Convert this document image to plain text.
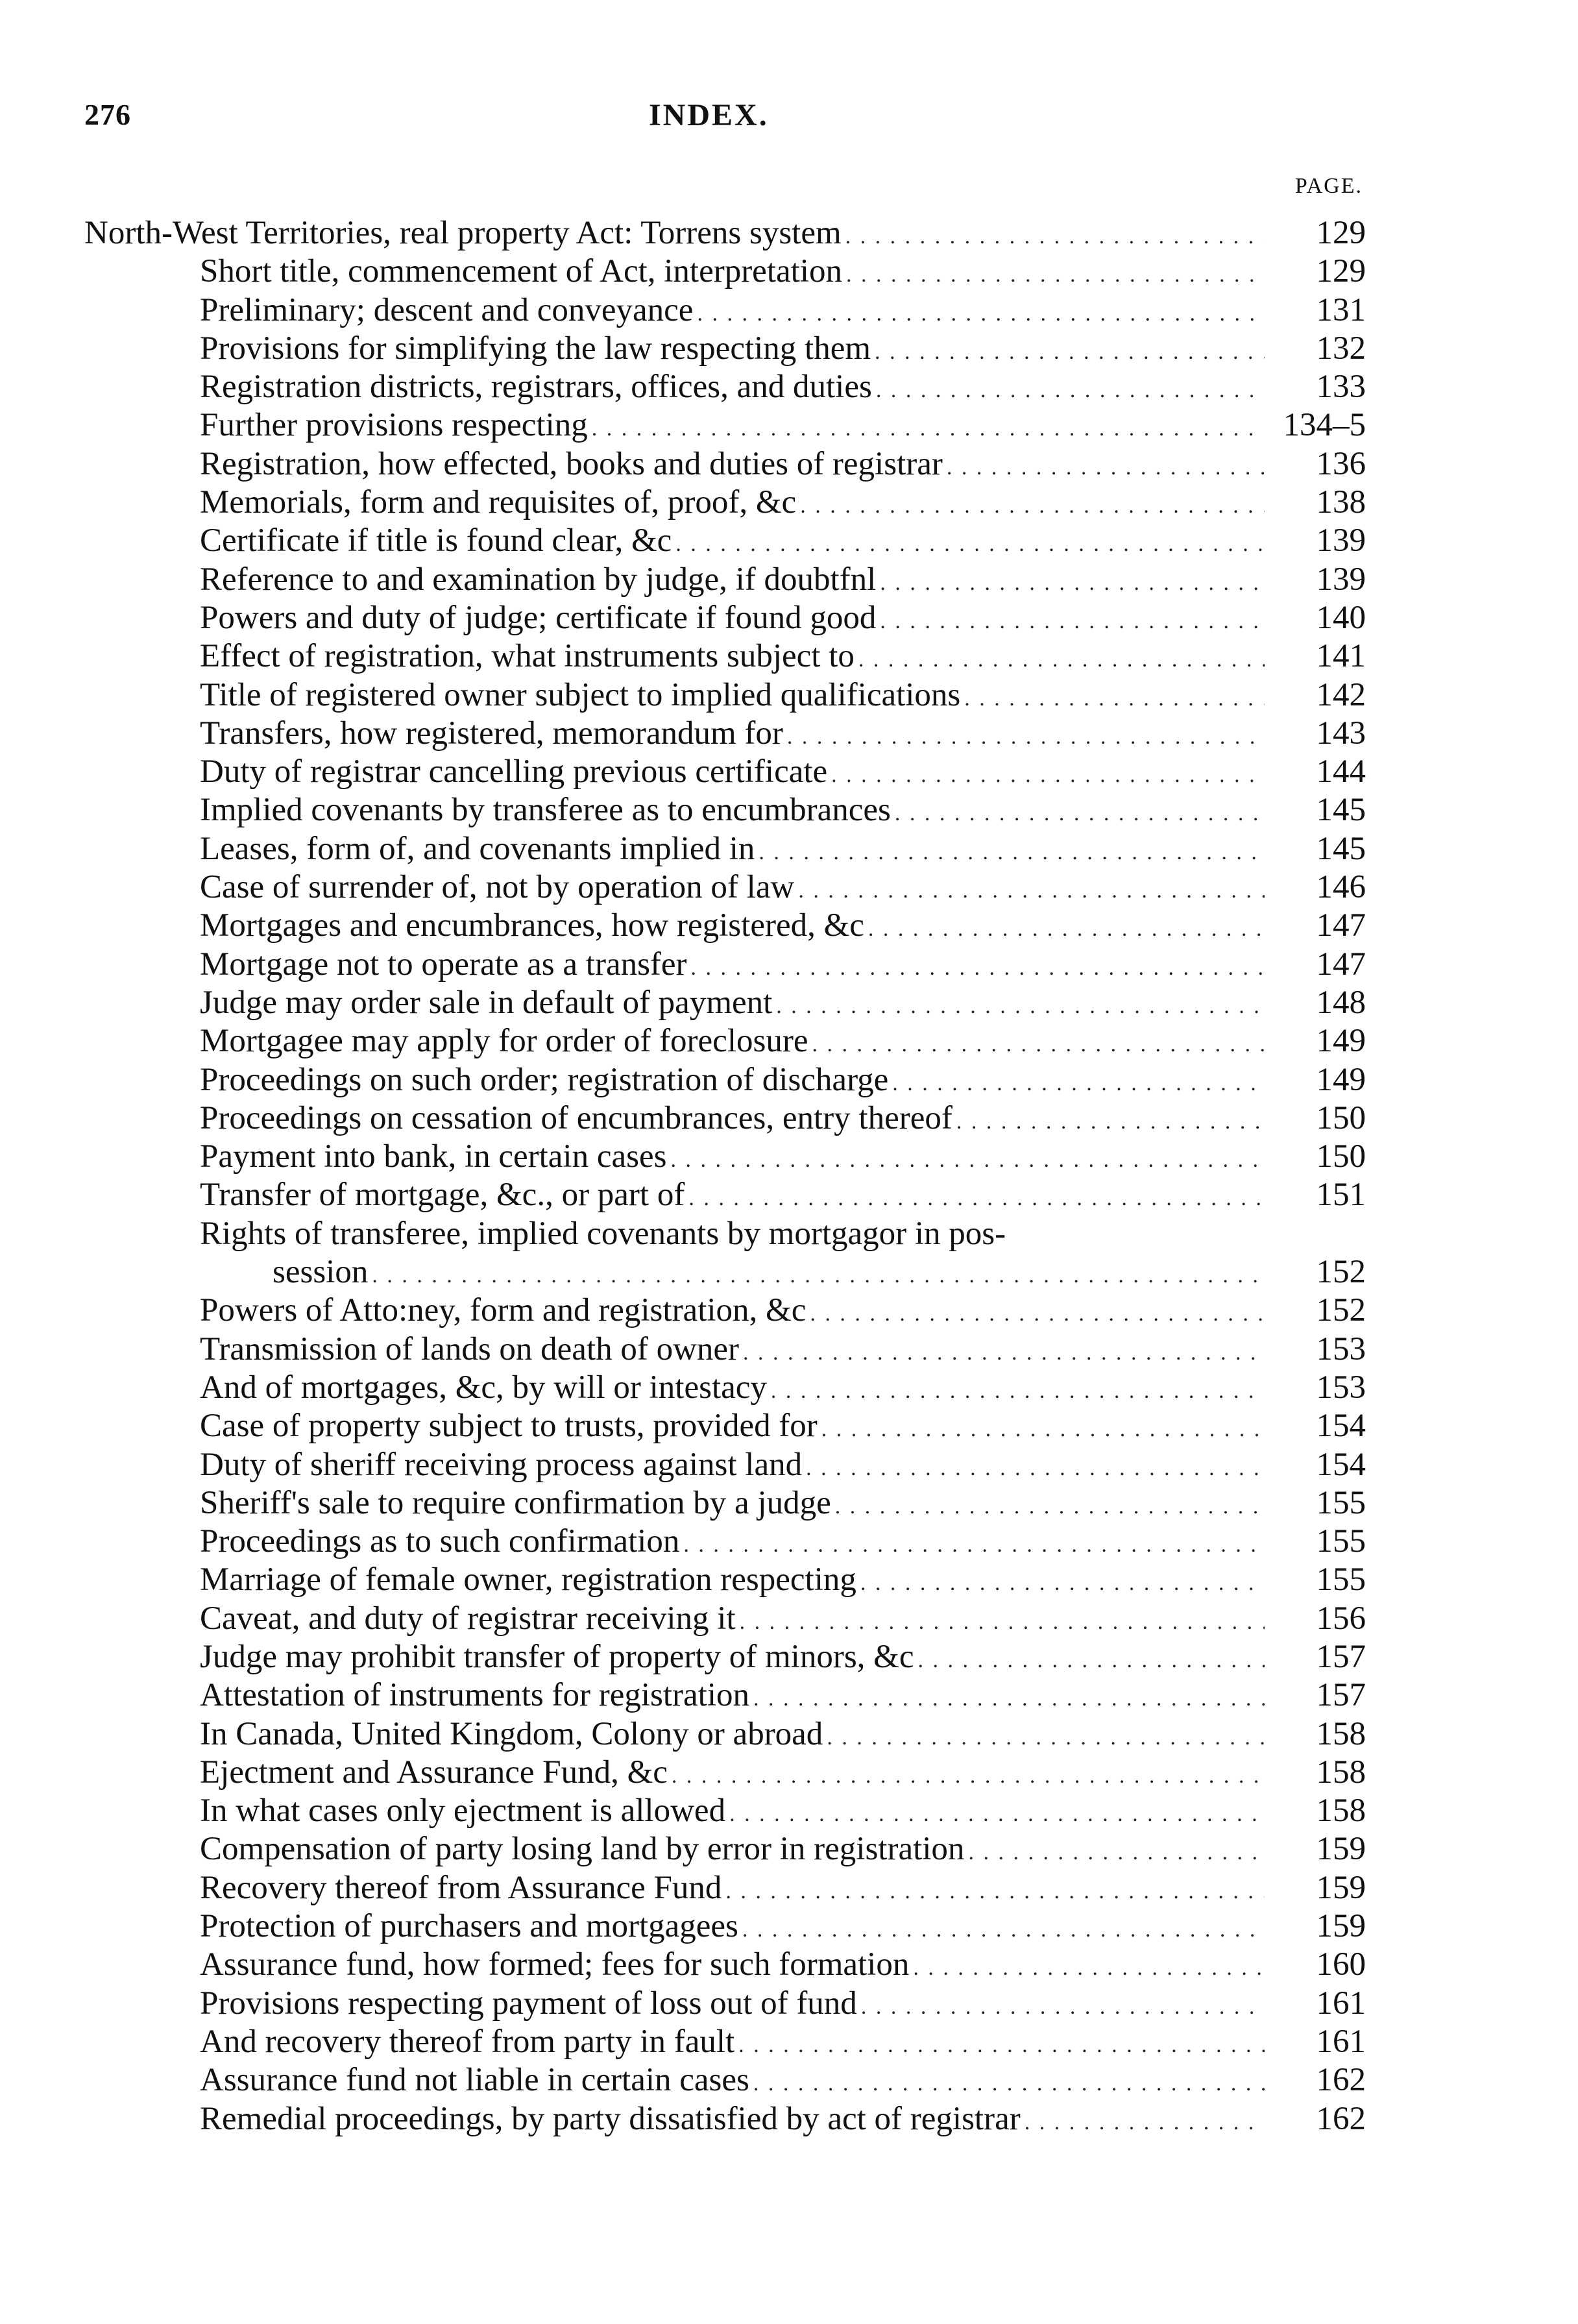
276	INDEX.
PAGE.
North-West Territories, real property Act: Torrens system . . .	129
Short title, commencement of Act, interpretation . . .	129
Preliminary; descent and conveyance . . .	131
Provisions for simplifying the law respecting them . . .	132
Registration districts, registrars, offices, and duties . . .	133
Further provisions respecting . . .	134–5
Registration, how effected, books and duties of registrar . . .	136
Memorials, form and requisites of, proof, &c . . .	138
Certificate if title is found clear, &c . . .	139
Reference to and examination by judge, if doubtfnl . . .	139
Powers and duty of judge; certificate if found good . . .	140
Effect of registration, what instruments subject to . . .	141
Title of registered owner subject to implied qualifications . . .	142
Transfers, how registered, memorandum for . . .	143
Duty of registrar cancelling previous certificate . . .	144
Implied covenants by transferee as to encumbrances . . .	145
Leases, form of, and covenants implied in . . .	145
Case of surrender of, not by operation of law . . .	146
Mortgages and encumbrances, how registered, &c . . .	147
Mortgage not to operate as a transfer . . .	147
Judge may order sale in default of payment . . .	148
Mortgagee may apply for order of foreclosure . . .	149
Proceedings on such order; registration of discharge . . .	149
Proceedings on cessation of encumbrances, entry thereof . . .	150
Payment into bank, in certain cases . . .	150
Transfer of mortgage, &c., or part of . . .	151
Rights of transferee, implied covenants by mortgagor in pos-
session . . .	152
Powers of Atto:ney, form and registration, &c . . .	152
Transmission of lands on death of owner . . .	153
And of mortgages, &c, by will or intestacy . . .	153
Case of property subject to trusts, provided for . . .	154
Duty of sheriff receiving process against land . . .	154
Sheriff's sale to require confirmation by a judge . . .	155
Proceedings as to such confirmation . . .	155
Marriage of female owner, registration respecting . . .	155
Caveat, and duty of registrar receiving it . . .	156
Judge may prohibit transfer of property of minors, &c . . .	157
Attestation of instruments for registration . . .	157
In Canada, United Kingdom, Colony or abroad . . .	158
Ejectment and Assurance Fund, &c . . .	158
In what cases only ejectment is allowed . . .	158
Compensation of party losing land by error in registration . . .	159
Recovery thereof from Assurance Fund . . .	159
Protection of purchasers and mortgagees . . .	159
Assurance fund, how formed; fees for such formation . . .	160
Provisions respecting payment of loss out of fund . . .	161
And recovery thereof from party in fault . . .	161
Assurance fund not liable in certain cases . . .	162
Remedial proceedings, by party dissatisfied by act of registrar . . .	162
